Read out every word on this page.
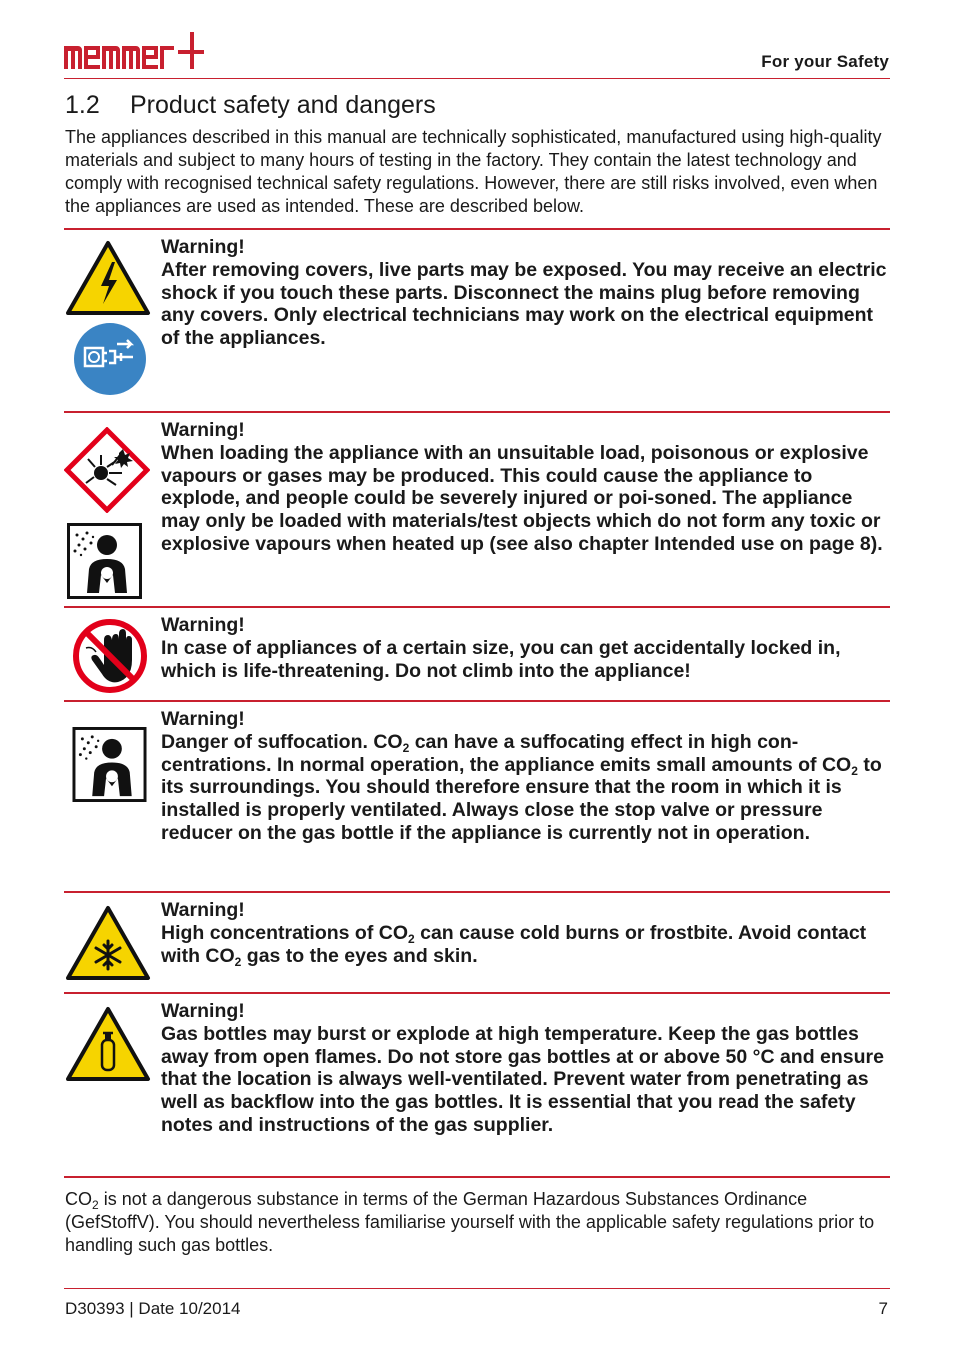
For your Safety
1.2 Product safety and dangers

The appliances described in this manual are technically sophisticated, manufactured using high-quality materials and subject to many hours of testing in the factory. They contain the latest technology and comply with recognised technical safety regulations. However, there are still risks involved, even when the appliances are used as intended. These are described below.

Warning!

After removing covers, live parts may be exposed. You may receive an electric shock if you touch these parts. Disconnect the mains plug before removing any covers. Only electrical technicians may work on the electrical equipment of the appliances.

Warning!

When loading the appliance with an unsuitable load, poisonous or explosive vapours or gases may be produced. This could cause the appliance to explode, and people could be severely injured or poi-soned. The appliance may only be loaded with materials/test objects which do not form any toxic or explosive vapours when heated up (see also chapter Intended use on page 8).

Warning!

In case of appliances of a certain size, you can get accidentally locked in, which is life-threatening. Do not climb into the appliance!

Warning!

Danger of suffocation. $CO_2$ can have a suffocating effect in high con-centrations. In normal operation, the appliance emits small amounts of $CO_2$ to its surroundings. You should therefore ensure that the room in which it is installed is properly ventilated. Always close the stop valve or pressure reducer on the gas bottle if the appliance is currently not in operation.

Warning!

High concentrations of $CO_2$ can cause cold burns or frostbite. Avoid contact with $CO_2$ gas to the eyes and skin.

Warning!

Gas bottles may burst or explode at high temperature. Keep the gas bottles away from open flames. Do not store gas bottles at or above 50 °C and ensure that the location is always well-ventilated. Prevent water from penetrating as well as backflow into the gas bottles. It is essential that you read the safety notes and instructions of the gas supplier.

$CO_2$ is not a dangerous substance in terms of the German Hazardous Substances Ordinance (GefStoffV). You should nevertheless familiarise yourself with the applicable safety regulations prior to handling such gas bottles.

D30393 | Date 10/2014	7
